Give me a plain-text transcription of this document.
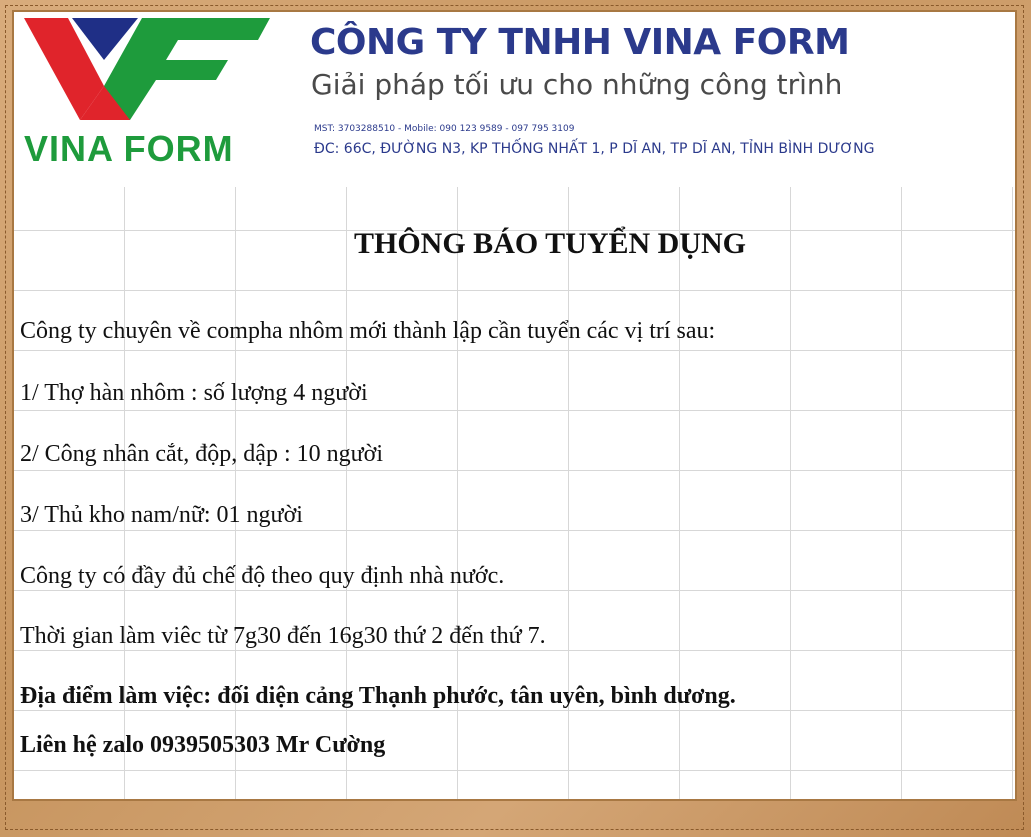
VINA FORM
CÔNG TY TNHH VINA FORM
Giải pháp tối ưu cho những công trình
MST: 3703288510 - Mobile: 090 123 9589 - 097 795 3109
ĐC: 66C, ĐƯỜNG N3, KP THỐNG NHẤT 1, P DĨ AN, TP DĨ AN, TỈNH BÌNH DƯƠNG
THÔNG BÁO TUYỂN DỤNG
Công ty chuyên về compha nhôm mới thành lập cần tuyển các vị trí sau:
1/ Thợ hàn nhôm : số lượng 4 người
2/ Công nhân cắt, độp, dập : 10 người
3/ Thủ kho nam/nữ: 01 người
Công ty có đầy đủ chế độ theo quy định nhà nước.
Thời gian làm viêc từ 7g30 đến 16g30 thứ 2 đến thứ 7.
Địa điểm làm việc: đối diện cảng Thạnh phước, tân uyên, bình dương.
Liên hệ zalo 0939505303 Mr Cường
